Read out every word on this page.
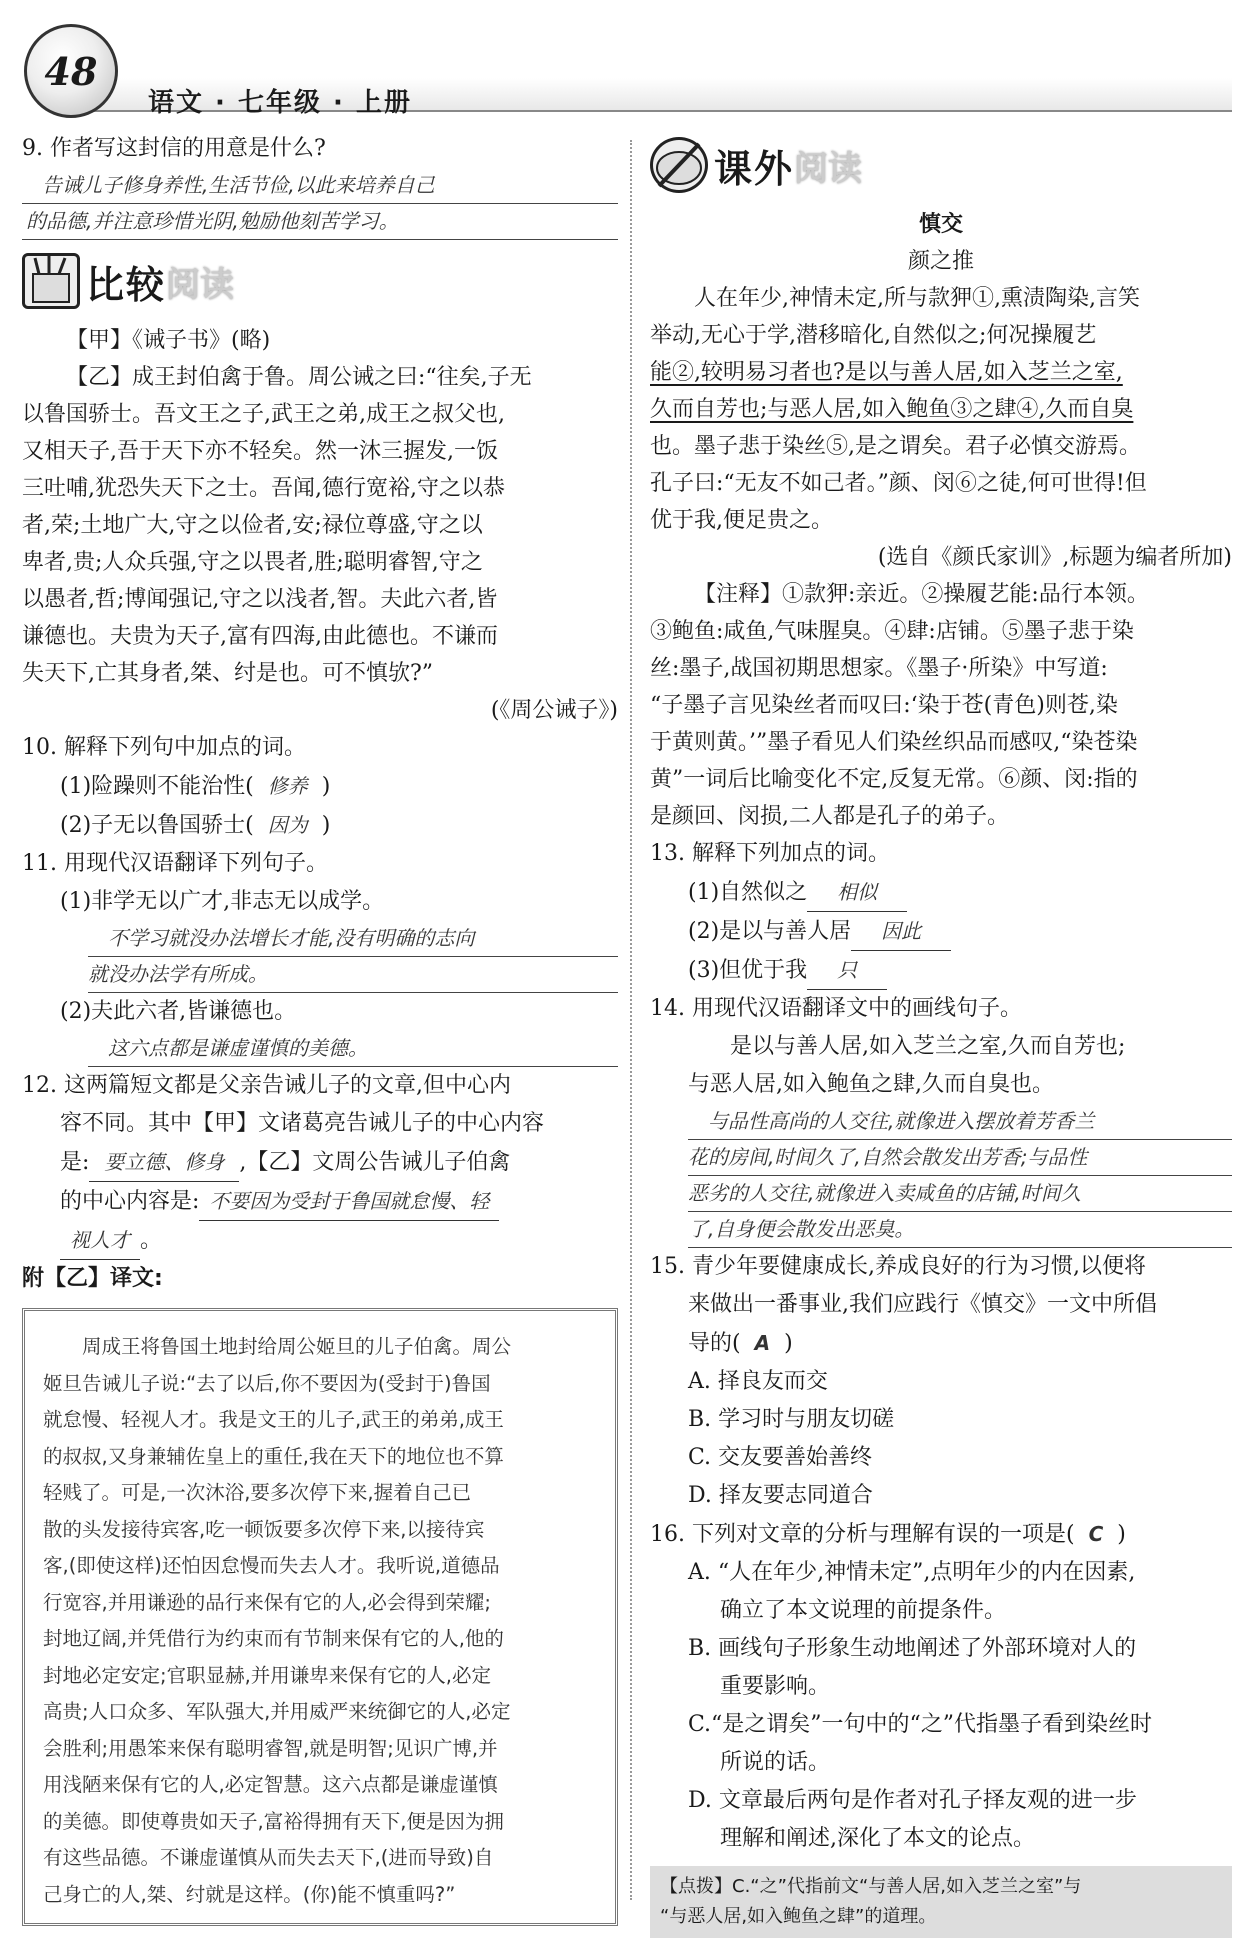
48
语文 · 七年级 · 上册

9. 作者写这封信的用意是什么?

告诫儿子修身养性,生活节俭,以此来培养自己
的品德,并注意珍惜光阴,勉励他刻苦学习。
比较 阅读

【甲】《诫子书》(略)

【乙】成王封伯禽于鲁。周公诫之曰:“往矣,子无

以鲁国骄士。吾文王之子,武王之弟,成王之叔父也,

又相天子,吾于天下亦不轻矣。然一沐三握发,一饭

三吐哺,犹恐失天下之士。吾闻,德行宽裕,守之以恭

者,荣;土地广大,守之以俭者,安;禄位尊盛,守之以

卑者,贵;人众兵强,守之以畏者,胜;聪明睿智,守之

以愚者,哲;博闻强记,守之以浅者,智。夫此六者,皆

谦德也。夫贵为天子,富有四海,由此德也。不谦而

失天下,亡其身者,桀、纣是也。可不慎欤?”

(《周公诫子》)

10. 解释下列句中加点的词。

(1)险躁则不能治性( 修养 )

(2)子无以鲁国骄士( 因为 )

11. 用现代汉语翻译下列句子。

(1)非学无以广才,非志无以成学。

不学习就没办法增长才能,没有明确的志向
就没办法学有所成。

(2)夫此六者,皆谦德也。

这六点都是谦虚谨慎的美德。

12. 这两篇短文都是父亲告诫儿子的文章,但中心内

容不同。其中【甲】文诸葛亮告诫儿子的中心内容

是: 要立德、修身 ,【乙】文周公告诫儿子伯禽

的中心内容是: 不要因为受封于鲁国就怠慢、轻

视人才 。

附【乙】译文:

周成王将鲁国土地封给周公姬旦的儿子伯禽。周公

姬旦告诫儿子说:“去了以后,你不要因为(受封于)鲁国

就怠慢、轻视人才。我是文王的儿子,武王的弟弟,成王

的叔叔,又身兼辅佐皇上的重任,我在天下的地位也不算

轻贱了。可是,一次沐浴,要多次停下来,握着自己已

散的头发接待宾客,吃一顿饭要多次停下来,以接待宾

客,(即使这样)还怕因怠慢而失去人才。我听说,道德品

行宽容,并用谦逊的品行来保有它的人,必会得到荣耀;

封地辽阔,并凭借行为约束而有节制来保有它的人,他的

封地必定安定;官职显赫,并用谦卑来保有它的人,必定

高贵;人口众多、军队强大,并用威严来统御它的人,必定

会胜利;用愚笨来保有聪明睿智,就是明智;见识广博,并

用浅陋来保有它的人,必定智慧。这六点都是谦虚谨慎

的美德。即使尊贵如天子,富裕得拥有天下,便是因为拥

有这些品德。不谦虚谨慎从而失去天下,(进而导致)自

己身亡的人,桀、纣就是这样。(你)能不慎重吗?”

课外 阅读

慎交

颜之推

人在年少,神情未定,所与款狎①,熏渍陶染,言笑

举动,无心于学,潜移暗化,自然似之;何况操履艺

能②,较明易习者也?是以与善人居,如入芝兰之室,

久而自芳也;与恶人居,如入鲍鱼③之肆④,久而自臭

也。墨子悲于染丝⑤,是之谓矣。君子必慎交游焉。

孔子曰:“无友不如己者。”颜、闵⑥之徒,何可世得!但

优于我,便足贵之。

(选自《颜氏家训》,标题为编者所加)

【注释】①款狎:亲近。②操履艺能:品行本领。

③鲍鱼:咸鱼,气味腥臭。④肆:店铺。⑤墨子悲于染

丝:墨子,战国初期思想家。《墨子·所染》中写道:

“子墨子言见染丝者而叹曰:‘染于苍(青色)则苍,染

于黄则黄。’”墨子看见人们染丝织品而感叹,“染苍染

黄”一词后比喻变化不定,反复无常。⑥颜、闵:指的

是颜回、闵损,二人都是孔子的弟子。

13. 解释下列加点的词。

(1)自然似之 相似

(2)是以与善人居 因此

(3)但优于我 只

14. 用现代汉语翻译文中的画线句子。

是以与善人居,如入芝兰之室,久而自芳也;

与恶人居,如入鲍鱼之肆,久而自臭也。

与品性高尚的人交往,就像进入摆放着芳香兰
花的房间,时间久了,自然会散发出芳香;与品性
恶劣的人交往,就像进入卖咸鱼的店铺,时间久
了,自身便会散发出恶臭。

15. 青少年要健康成长,养成良好的行为习惯,以便将

来做出一番事业,我们应践行《慎交》一文中所倡

导的( A )

A. 择良友而交

B. 学习时与朋友切磋

C. 交友要善始善终

D. 择友要志同道合

16. 下列对文章的分析与理解有误的一项是( C )

A. “人在年少,神情未定”,点明年少的内在因素,

确立了本文说理的前提条件。

B. 画线句子形象生动地阐述了外部环境对人的

重要影响。

C.“是之谓矣”一句中的“之”代指墨子看到染丝时

所说的话。

D. 文章最后两句是作者对孔子择友观的进一步

理解和阐述,深化了本文的论点。

【点拨】C.“之”代指前文“与善人居,如入芝兰之室”与
“与恶人居,如入鲍鱼之肆”的道理。
